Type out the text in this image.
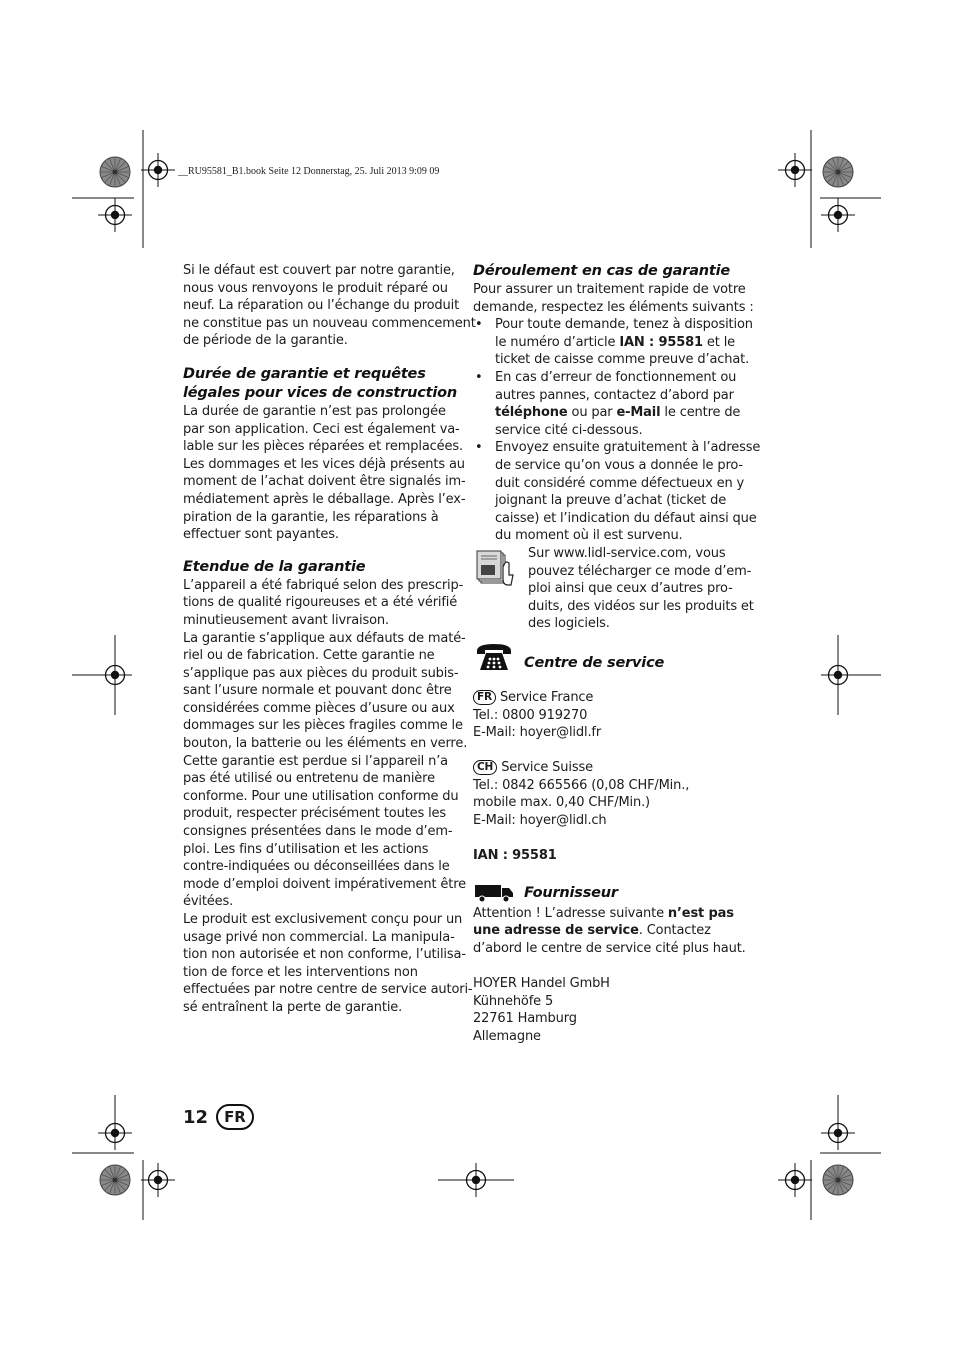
__RU95581_B1.book Seite 12 Donnerstag, 25. Juli 2013 9:09 09

Si le défaut est couvert par notre garantie,
nous vous renvoyons le produit réparé ou
neuf. La réparation ou l’échange du produit
ne constitue pas un nouveau commencement
de période de la garantie.

Durée de garantie et requêtes
légales pour vices de construction

La durée de garantie n’est pas prolongée
par son application. Ceci est également va-
lable sur les pièces réparées et remplacées.
Les dommages et les vices déjà présents au
moment de l’achat doivent être signalés im-
médiatement après le déballage. Après l’ex-
piration de la garantie, les réparations à
effectuer sont payantes.

Etendue de la garantie

L’appareil a été fabriqué selon des prescrip-
tions de qualité rigoureuses et a été vérifié
minutieusement avant livraison.
La garantie s’applique aux défauts de maté-
riel ou de fabrication. Cette garantie ne
s’applique pas aux pièces du produit subis-
sant l’usure normale et pouvant donc être
considérées comme pièces d’usure ou aux
dommages sur les pièces fragiles comme le
bouton, la batterie ou les éléments en verre.
Cette garantie est perdue si l’appareil n’a
pas été utilisé ou entretenu de manière
conforme. Pour une utilisation conforme du
produit, respecter précisément toutes les
consignes présentées dans le mode d’em-
ploi. Les fins d’utilisation et les actions
contre-indiquées ou déconseillées dans le
mode d’emploi doivent impérativement être
évitées.
Le produit est exclusivement conçu pour un
usage privé non commercial. La manipula-
tion non autorisée et non conforme, l’utilisa-
tion de force et les interventions non
effectuées par notre centre de service autori-
sé entraînent la perte de garantie.

Déroulement en cas de garantie

Pour assurer un traitement rapide de votre
demande, respectez les éléments suivants :

• Pour toute demande, tenez à disposition
le numéro d’article IAN : 95581 et le
ticket de caisse comme preuve d’achat.

• En cas d’erreur de fonctionnement ou
autres pannes, contactez d’abord par
téléphone ou par e-Mail le centre de
service cité ci-dessous.

• Envoyez ensuite gratuitement à l’adresse
de service qu’on vous a donnée le pro-
duit considéré comme défectueux en y
joignant la preuve d’achat (ticket de
caisse) et l’indication du défaut ainsi que
du moment où il est survenu.

Sur www.lidl-service.com, vous
pouvez télécharger ce mode d’em-
ploi ainsi que ceux d’autres pro-
duits, des vidéos sur les produits et
des logiciels.

Centre de service

FR Service France
Tel.: 0800 919270
E-Mail: hoyer@lidl.fr

CH Service Suisse
Tel.: 0842 665566 (0,08 CHF/Min.,
mobile max. 0,40 CHF/Min.)
E-Mail: hoyer@lidl.ch

IAN : 95581

Fournisseur

Attention ! L’adresse suivante n’est pas
une adresse de service. Contactez
d’abord le centre de service cité plus haut.

HOYER Handel GmbH
Kühnehöfe 5
22761 Hamburg
Allemagne

12	FR
